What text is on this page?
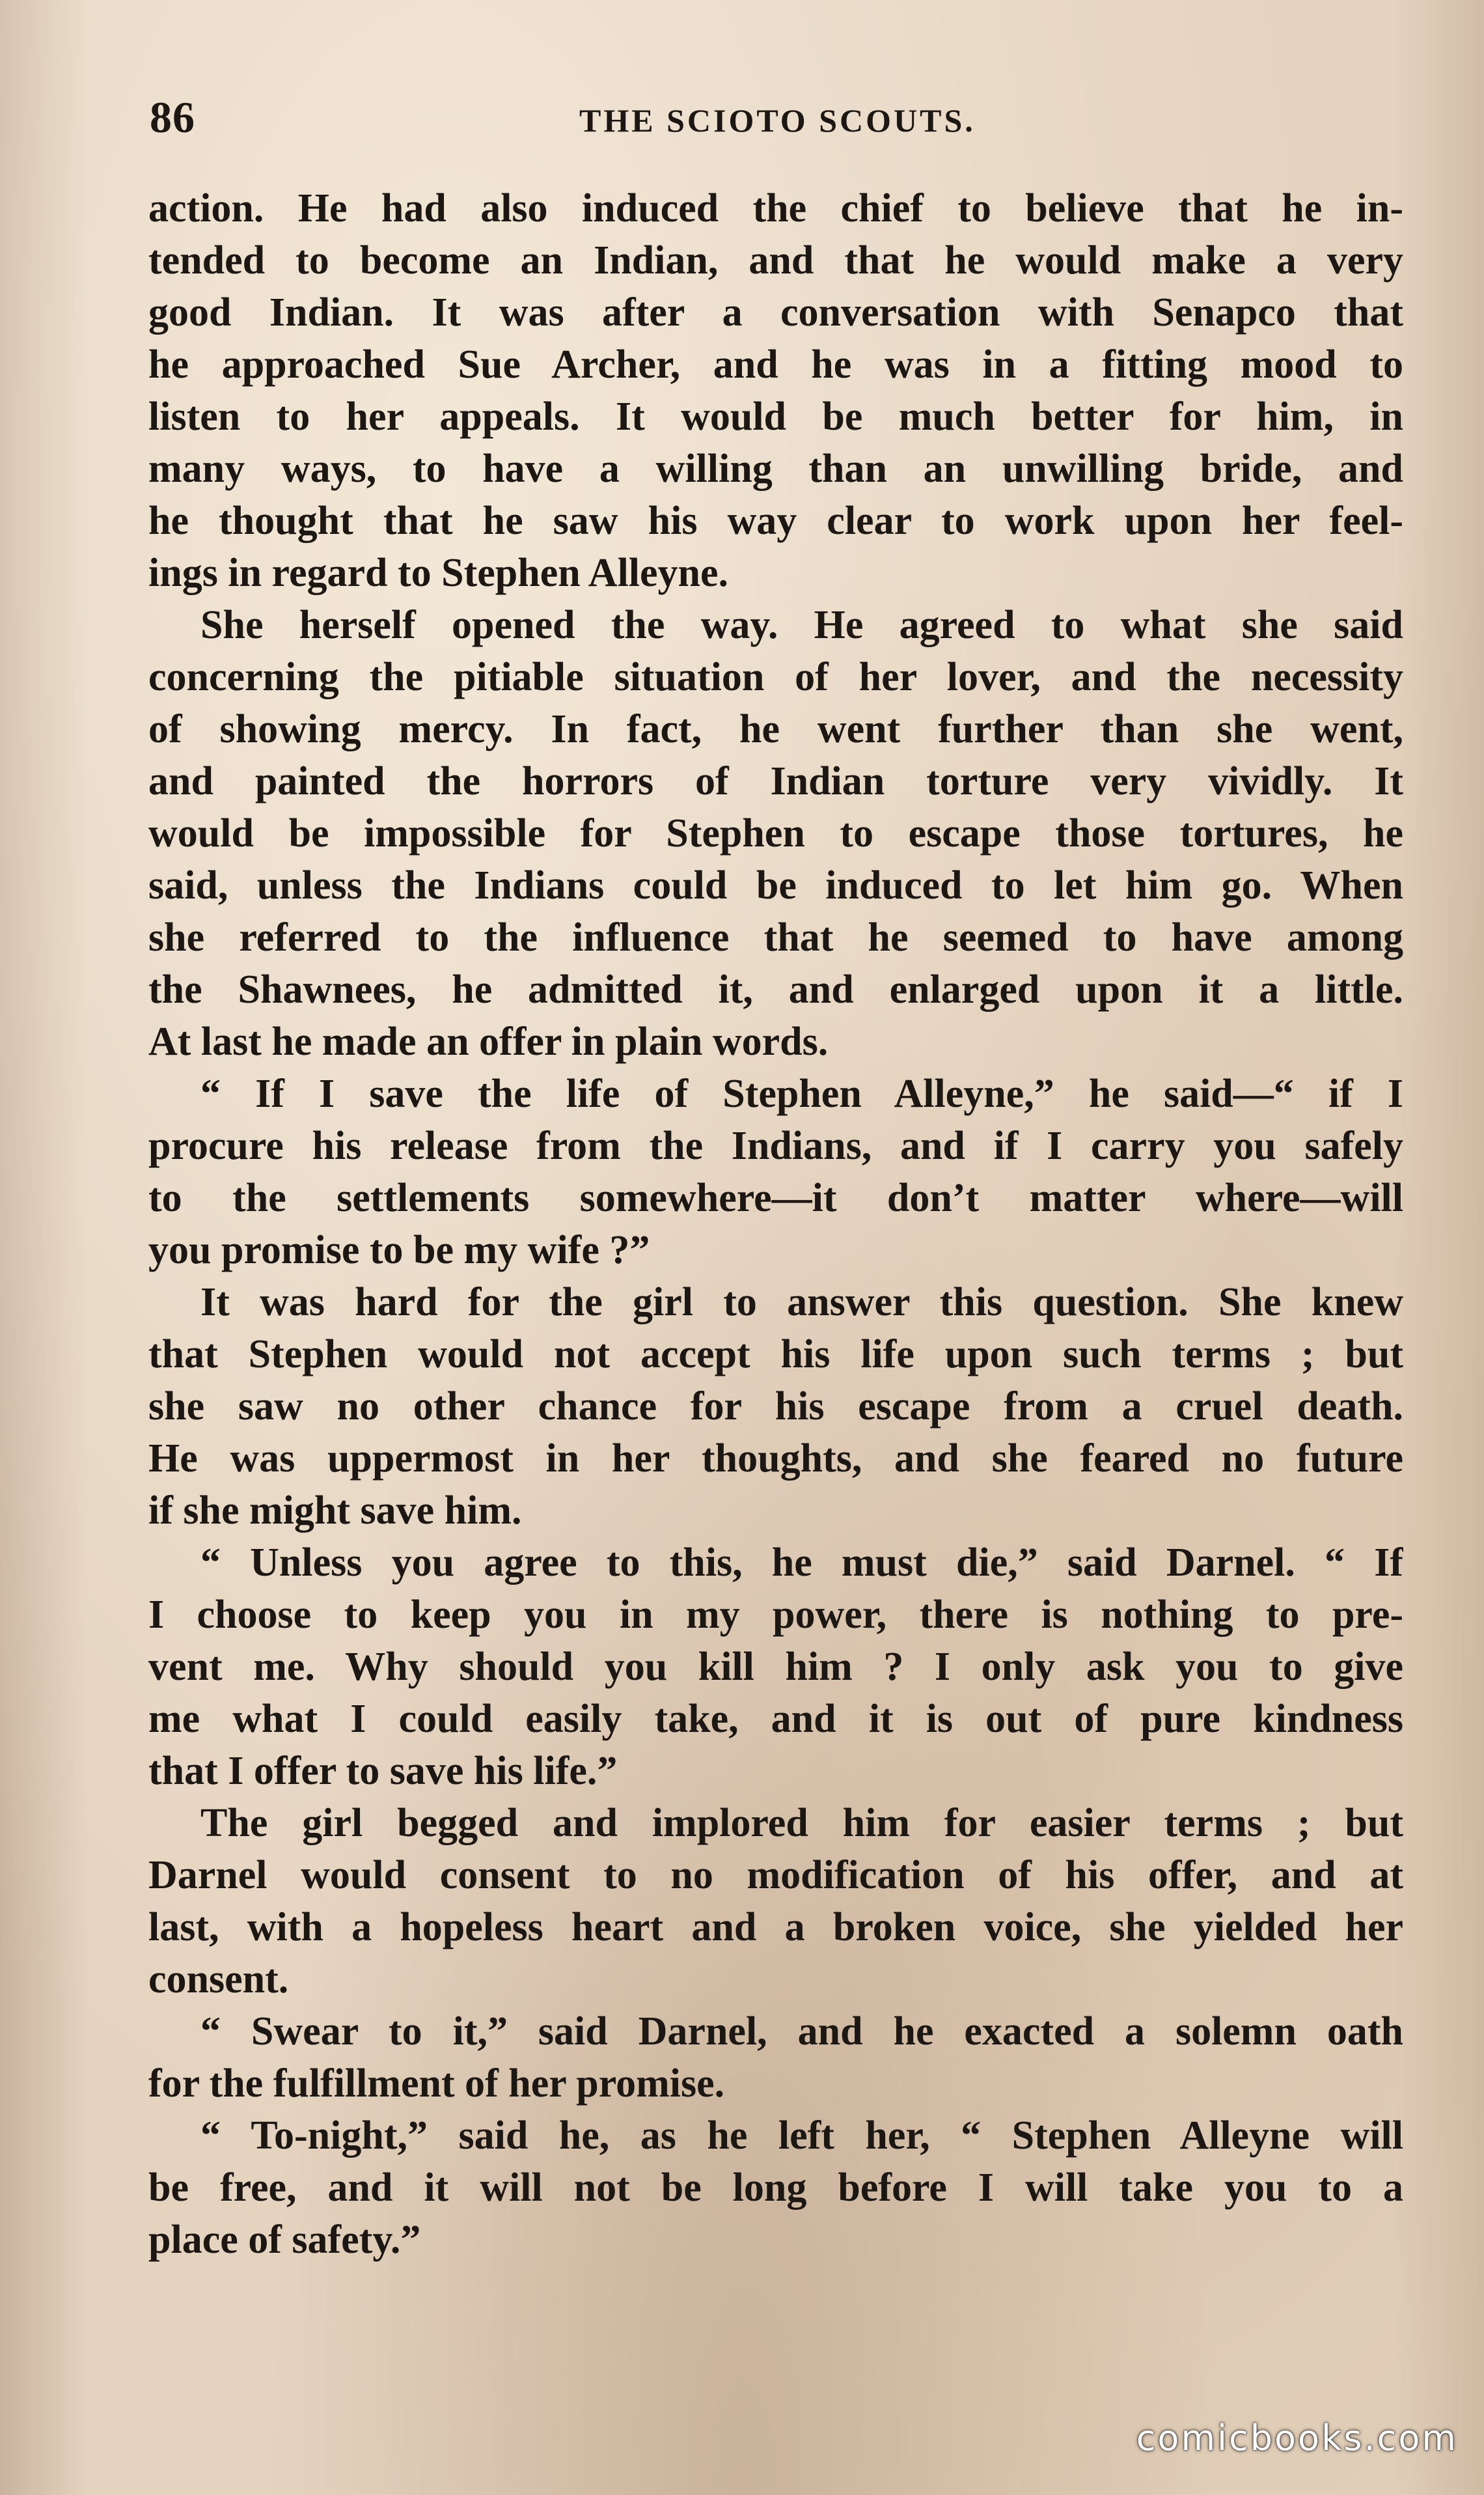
86	THE SCIOTO SCOUTS.
action. He had also induced the chief to believe that he in-
tended to become an Indian, and that he would make a very
good Indian. It was after a conversation with Senapco that
he approached Sue Archer, and he was in a fitting mood to
listen to her appeals. It would be much better for him, in
many ways, to have a willing than an unwilling bride, and
he thought that he saw his way clear to work upon her feel-
ings in regard to Stephen Alleyne.
She herself opened the way. He agreed to what she said
concerning the pitiable situation of her lover, and the necessity
of showing mercy. In fact, he went further than she went,
and painted the horrors of Indian torture very vividly. It
would be impossible for Stephen to escape those tortures, he
said, unless the Indians could be induced to let him go. When
she referred to the influence that he seemed to have among
the Shawnees, he admitted it, and enlarged upon it a little.
At last he made an offer in plain words.
“ If I save the life of Stephen Alleyne,” he said—“ if I
procure his release from the Indians, and if I carry you safely
to the settlements somewhere—it don’t matter where—will
you promise to be my wife ?”
It was hard for the girl to answer this question. She knew
that Stephen would not accept his life upon such terms ; but
she saw no other chance for his escape from a cruel death.
He was uppermost in her thoughts, and she feared no future
if she might save him.
“ Unless you agree to this, he must die,” said Darnel. “ If
I choose to keep you in my power, there is nothing to pre-
vent me. Why should you kill him ? I only ask you to give
me what I could easily take, and it is out of pure kindness
that I offer to save his life.”
The girl begged and implored him for easier terms ; but
Darnel would consent to no modification of his offer, and at
last, with a hopeless heart and a broken voice, she yielded her
consent.
“ Swear to it,” said Darnel, and he exacted a solemn oath
for the fulfillment of her promise.
“ To-night,” said he, as he left her, “ Stephen Alleyne will
be free, and it will not be long before I will take you to a
place of safety.”
comicbooks.com
